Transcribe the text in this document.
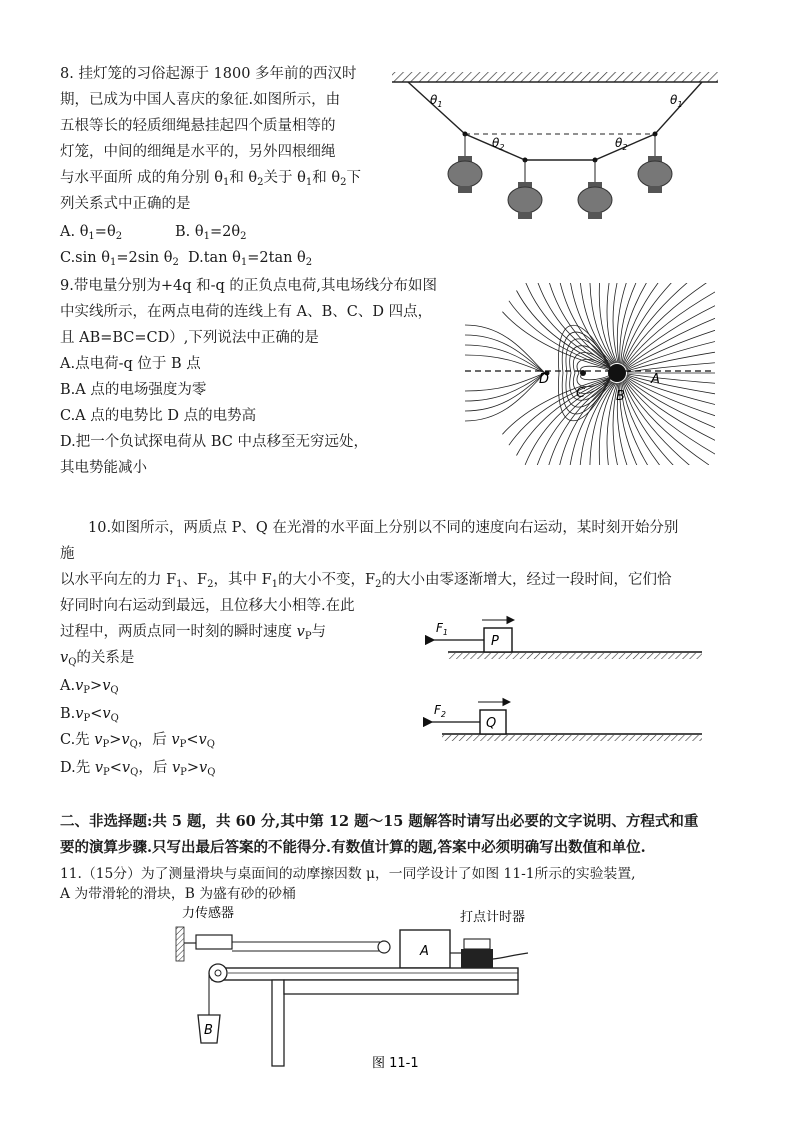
8. 挂灯笼的习俗起源于 1800 多年前的西汉时
期，已成为中国人喜庆的象征.如图所示，由
五根等长的轻质细绳悬挂起四个质量相等的
灯笼，中间的细绳是水平的，另外四根细绳
与水平面所 成的角分别 $\theta_1$和 $\theta_2$关于 $\theta_1$和 $\theta_2$下
列关系式中正确的是
A. $\theta_1=\theta_2$	B. $\theta_1=2\theta_2$
C.sin $\theta_1=2\sin$ $\theta_2$ D.tan $\theta_1=2\tan$ $\theta_2$
$\theta_1$	$\theta_1$
$\theta_2$	$\theta_2$
9.带电量分别为+4q 和-q 的正负点电荷,其电场线分布如图
中实线所示，在两点电荷的连线上有 A、B、C、D 四点，
且 AB=BC=CD）,下列说法中正确的是
A.点电荷-q 位于 B 点
B.A 点的电场强度为零
C.A 点的电势比 D 点的电势高
D.把一个负试探电荷从 BC 中点移至无穷远处，
其电势能减小
D
C B
A
10.如图所示，两质点 P、Q 在光滑的水平面上分别以不同的速度向右运动，某时刻开始分别
施
以水平向左的力 $F_1$、$F_2$，其中 $F_1$的大小不变，$F_2$的大小由零逐渐增大，经过一段时间，它们恰
好同时向右运动到最远，且位移大小相等.在此
过程中，两质点同一时刻的瞬时速度 $v_P$与
$v_Q$的关系是
$A.v_P>v_Q$
$B.v_P<v_Q$
C.先 $v_P>v_Q$，后 $v_P<v_Q$
D.先 $v_P<v_Q$，后 $v_P>v_Q$
P
$F_1$
Q
$F_2$
二、非选择题:共 5 题，共 60 分,其中第 12 题～15 题解答时请写出必要的文字说明、方程式和重
要的演算步骤.只写出最后答案的不能得分.有数值计算的题,答案中必须明确写出数值和单位.
11.（15分）为了测量滑块与桌面间的动摩擦因数 μ，一同学设计了如图 11-1所示的实验装置,
A 为带滑轮的滑块，B 为盛有砂的砂桶
力传感器
A
打点计时器
B
图 11-1
